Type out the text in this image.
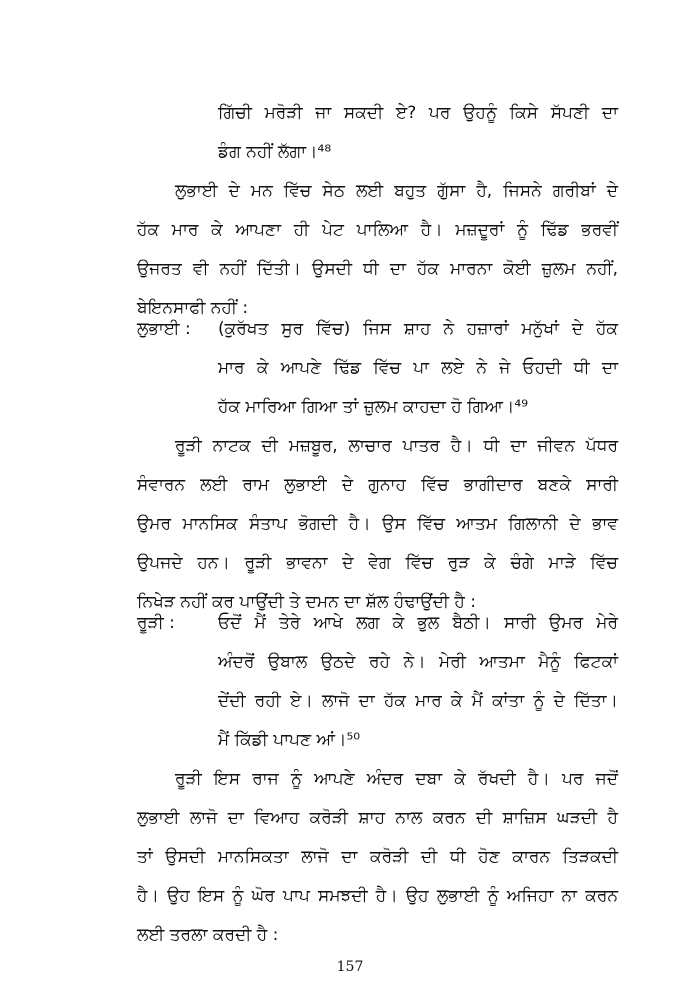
ਗਿੱਚੀ ਮਰੋੜੀ ਜਾ ਸਕਦੀ ਏ? ਪਰ ਉਹਨੂੰ ਕਿਸੇ ਸੱਪਣੀ ਦਾ
ਡੰਗ ਨਹੀਂ ਲੱਗਾ।⁴⁸
ਲੁਭਾਈ ਦੇ ਮਨ ਵਿੱਚ ਸੇਠ ਲਈ ਬਹੁਤ ਗੁੱਸਾ ਹੈ, ਜਿਸਨੇ ਗਰੀਬਾਂ ਦੇ
ਹੱਕ ਮਾਰ ਕੇ ਆਪਣਾ ਹੀ ਪੇਟ ਪਾਲਿਆ ਹੈ। ਮਜ਼ਦੂਰਾਂ ਨੂੰ ਢਿੱਡ ਭਰਵੀਂ
ਉਜਰਤ ਵੀ ਨਹੀਂ ਦਿੱਤੀ। ਉਸਦੀ ਧੀ ਦਾ ਹੱਕ ਮਾਰਨਾ ਕੋਈ ਜ਼ੁਲਮ ਨਹੀਂ,
ਬੇਇਨਸਾਫੀ ਨਹੀਂ :
ਲੁਭਾਈ : (ਕੁਰੱਖਤ ਸੁਰ ਵਿੱਚ) ਜਿਸ ਸ਼ਾਹ ਨੇ ਹਜ਼ਾਰਾਂ ਮਨੁੱਖਾਂ ਦੇ ਹੱਕ
ਮਾਰ ਕੇ ਆਪਣੇ ਢਿੱਡ ਵਿੱਚ ਪਾ ਲਏ ਨੇ ਜੇ ਓਹਦੀ ਧੀ ਦਾ
ਹੱਕ ਮਾਰਿਆ ਗਿਆ ਤਾਂ ਜ਼ੁਲਮ ਕਾਹਦਾ ਹੋ ਗਿਆ।⁴⁹
ਰੂੜੀ ਨਾਟਕ ਦੀ ਮਜ਼ਬੂਰ, ਲਾਚਾਰ ਪਾਤਰ ਹੈ। ਧੀ ਦਾ ਜੀਵਨ ਪੱਧਰ
ਸੰਵਾਰਨ ਲਈ ਰਾਮ ਲੁਭਾਈ ਦੇ ਗੁਨਾਹ ਵਿੱਚ ਭਾਗੀਦਾਰ ਬਣਕੇ ਸਾਰੀ
ਉਮਰ ਮਾਨਸਿਕ ਸੰਤਾਪ ਭੋਗਦੀ ਹੈ। ਉਸ ਵਿੱਚ ਆਤਮ ਗਿਲਾਨੀ ਦੇ ਭਾਵ
ਉਪਜਦੇ ਹਨ। ਰੂੜੀ ਭਾਵਨਾ ਦੇ ਵੇਗ ਵਿੱਚ ਰੁੜ ਕੇ ਚੰਗੇ ਮਾੜੇ ਵਿੱਚ
ਨਿਖੇੜ ਨਹੀਂ ਕਰ ਪਾਉਂਦੀ ਤੇ ਦਮਨ ਦਾ ਸ਼ੱਲ ਹੰਢਾਉਂਦੀ ਹੈ :
ਰੂੜੀ :	ਓਦੋਂ ਮੈਂ ਤੇਰੇ ਆਖੇ ਲਗ ਕੇ ਭੁਲ ਬੈਠੀ। ਸਾਰੀ ਉਮਰ ਮੇਰੇ
ਅੰਦਰੋਂ ਉਬਾਲ ਉਠਦੇ ਰਹੇ ਨੇ। ਮੇਰੀ ਆਤਮਾ ਮੈਨੂੰ ਫਿਟਕਾਂ
ਦੇਂਦੀ ਰਹੀ ਏ। ਲਾਜੋ ਦਾ ਹੱਕ ਮਾਰ ਕੇ ਮੈਂ ਕਾਂਤਾ ਨੂੰ ਦੇ ਦਿੱਤਾ।
ਮੈਂ ਕਿੱਡੀ ਪਾਪਣ ਆਂ।⁵⁰
ਰੂੜੀ ਇਸ ਰਾਜ ਨੂੰ ਆਪਣੇ ਅੰਦਰ ਦਬਾ ਕੇ ਰੱਖਦੀ ਹੈ। ਪਰ ਜਦੋਂ
ਲੁਭਾਈ ਲਾਜੋ ਦਾ ਵਿਆਹ ਕਰੋੜੀ ਸ਼ਾਹ ਨਾਲ ਕਰਨ ਦੀ ਸ਼ਾਜ਼ਿਸ ਘੜਦੀ ਹੈ
ਤਾਂ ਉਸਦੀ ਮਾਨਸਿਕਤਾ ਲਾਜੋ ਦਾ ਕਰੋੜੀ ਦੀ ਧੀ ਹੋਣ ਕਾਰਨ ਤਿੜਕਦੀ
ਹੈ। ਉਹ ਇਸ ਨੂੰ ਘੋਰ ਪਾਪ ਸਮਝਦੀ ਹੈ। ਉਹ ਲੁਭਾਈ ਨੂੰ ਅਜਿਹਾ ਨਾ ਕਰਨ
ਲਈ ਤਰਲਾ ਕਰਦੀ ਹੈ :
157
